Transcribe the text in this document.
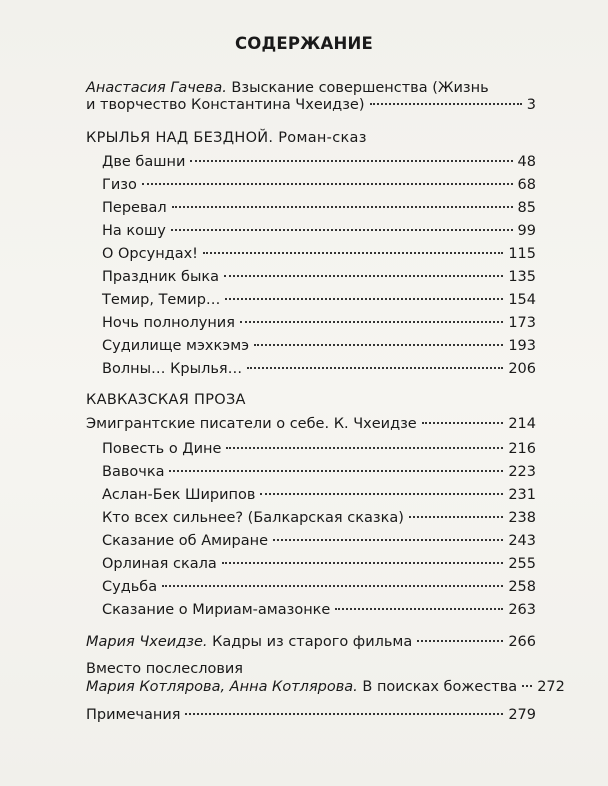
СОДЕРЖАНИЕ
Анастасия Гачева. Взыскание совершенства (Жизнь
и творчество Константина Чхеидзе)	3
КРЫЛЬЯ НАД БЕЗДНОЙ. Роман-сказ
Две башни	48
Гизо	68
Перевал	85
На кошу	99
О Орсундах!	115
Праздник быка	135
Темир, Темир…	154
Ночь полнолуния	173
Судилище мэхкэмэ	193
Волны… Крылья…	206
КАВКАЗСКАЯ ПРОЗА
Эмигрантские писатели о себе. К. Чхеидзе	214
Повесть о Дине	216
Вавочка	223
Аслан-Бек Ширипов	231
Кто всех сильнее? (Балкарская сказка)	238
Сказание об Амиране	243
Орлиная скала	255
Судьба	258
Сказание о Мириам-амазонке	263
Мария Чхеидзе. Кадры из старого фильма	266
Вместо послесловия
Мария Котлярова, Анна Котлярова. В поисках божества 272
Примечания	279
